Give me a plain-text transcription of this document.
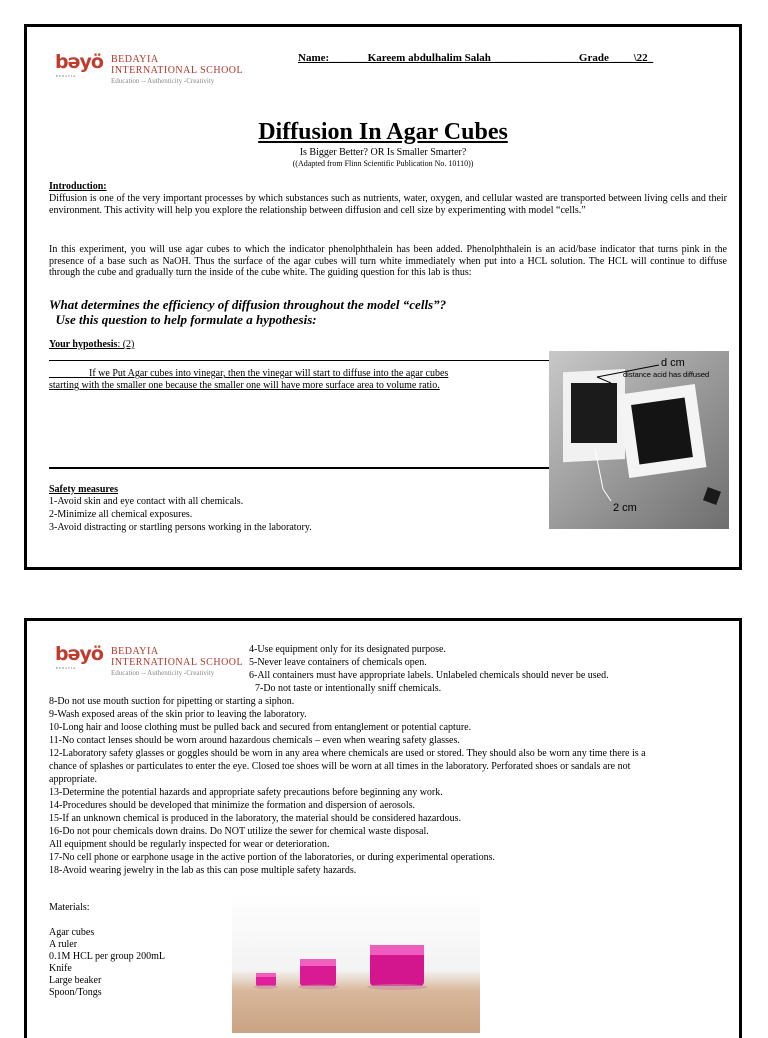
bəyö
BEDAYIA
BEDAYIA
INTERNATIONAL SCHOOL
Education -- Authenticity -Creativity
Name:_______Kareem abdulhalim Salah________________Grade ____\22_
Diffusion In Agar Cubes
Is Bigger Better? OR Is Smaller Smarter?
((Adapted from Flinn Scientific Publication No. 10110))
Introduction:
Diffusion is one of the very important processes by which substances such as nutrients, water, oxygen, and cellular wasted are transported between living cells and their environment. This activity will help you explore the relationship between diffusion and cell size by experimenting with model “cells.”
In this experiment, you will use agar cubes to which the indicator phenolphthalein has been added. Phenolphthalein is an acid/base indicator that turns pink in the presence of a base such as NaOH. Thus the surface of the agar cubes will turn white immediately when put into a HCL solution. The HCL will continue to diffuse through the cube and gradually turn the inside of the cube white. The guiding question for this lab is thus:
What determines the efficiency of diffusion throughout the model “cells”?
Use this question to help formulate a hypothesis:
Your hypothesis: (2)
________If we Put Agar cubes into vinegar, then the vinegar will start to diffuse into the agar cubes
starting with the smaller one because the smaller one will have more surface area to volume ratio.
Safety measures
1-Avoid skin and eye contact with all chemicals.
2-Minimize all chemical exposures.
3-Avoid distracting or startling persons working in the laboratory.
d cm
distance acid has diffused
2 cm
bəyö
BEDAYIA
BEDAYIA
INTERNATIONAL SCHOOL
Education -- Authenticity -Creativity
4-Use equipment only for its designated purpose.
5-Never leave containers of chemicals open.
6-All containers must have appropriate labels. Unlabeled chemicals should never be used.
7-Do not taste or intentionally sniff chemicals.
8-Do not use mouth suction for pipetting or starting a siphon.
9-Wash exposed areas of the skin prior to leaving the laboratory.
10-Long hair and loose clothing must be pulled back and secured from entanglement or potential capture.
11-No contact lenses should be worn around hazardous chemicals – even when wearing safety glasses.
12-Laboratory safety glasses or goggles should be worn in any area where chemicals are used or stored. They should also be worn any time there is a
chance of splashes or particulates to enter the eye. Closed toe shoes will be worn at all times in the laboratory. Perforated shoes or sandals are not
appropriate.
13-Determine the potential hazards and appropriate safety precautions before beginning any work.
14-Procedures should be developed that minimize the formation and dispersion of aerosols.
15-If an unknown chemical is produced in the laboratory, the material should be considered hazardous.
16-Do not pour chemicals down drains. Do NOT utilize the sewer for chemical waste disposal.
All equipment should be regularly inspected for wear or deterioration.
17-No cell phone or earphone usage in the active portion of the laboratories, or during experimental operations.
18-Avoid wearing jewelry in the lab as this can pose multiple safety hazards.
Materials:
Agar cubes
A ruler
0.1M HCL per group 200mL
Knife
Large beaker
Spoon/Tongs
